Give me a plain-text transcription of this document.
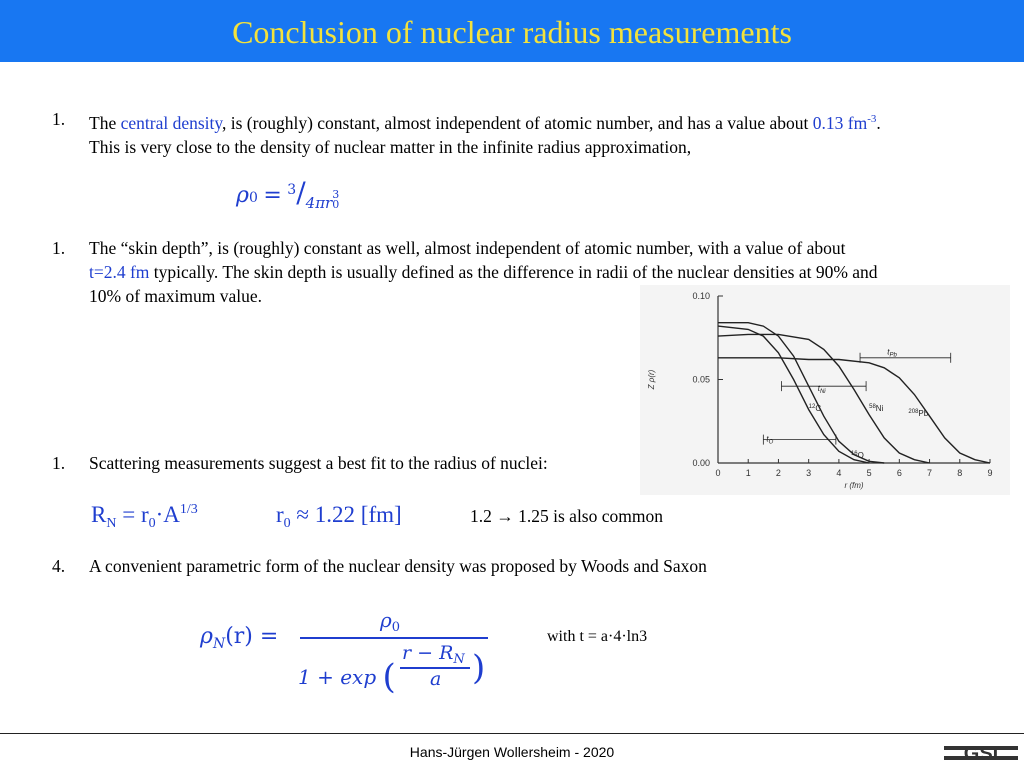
Conclusion of nuclear radius measurements
1. The central density, is (roughly) constant, almost independent of atomic number, and has a value about 0.13 $fm^{-3}$.
This is very close to the density of nuclear matter in the infinite radius approximation,
$\rho 0 = ^3/_{4\pi r}3_0$
1. The “skin depth”, is (roughly) constant as well, almost independent of atomic number, with a value of about
t=2.4 fm typically. The skin depth is usually defined as the difference in radii of the nuclear densities at 90% and
10% of maximum value.
0	1	2	3	4	5	6	7	8	9
0.00
0.05
0.10
r (fm)
Z ρ(r)
$^{12}$C
$^{16}$O
$^{58}$Ni	$^{208}$Pb
$t_{Pb}$
$t_{Ni}$
$t_O$
1. Scattering measurements suggest a best fit to the radius of nuclei:
$R_N = r_0\cdot A^{1/3}$	$r_0 \approx 1.22$ [fm]	1.2 → 1.25 is also common
4. A convenient parametric form of the nuclear density was proposed by Woods and Saxon
$\rho_N(r)$ =
$\rho_0$
1 + exp (
$r - R_N$
a )
with t = a·4·ln3
Hans-Jürgen Wollersheim - 2020	GSI
